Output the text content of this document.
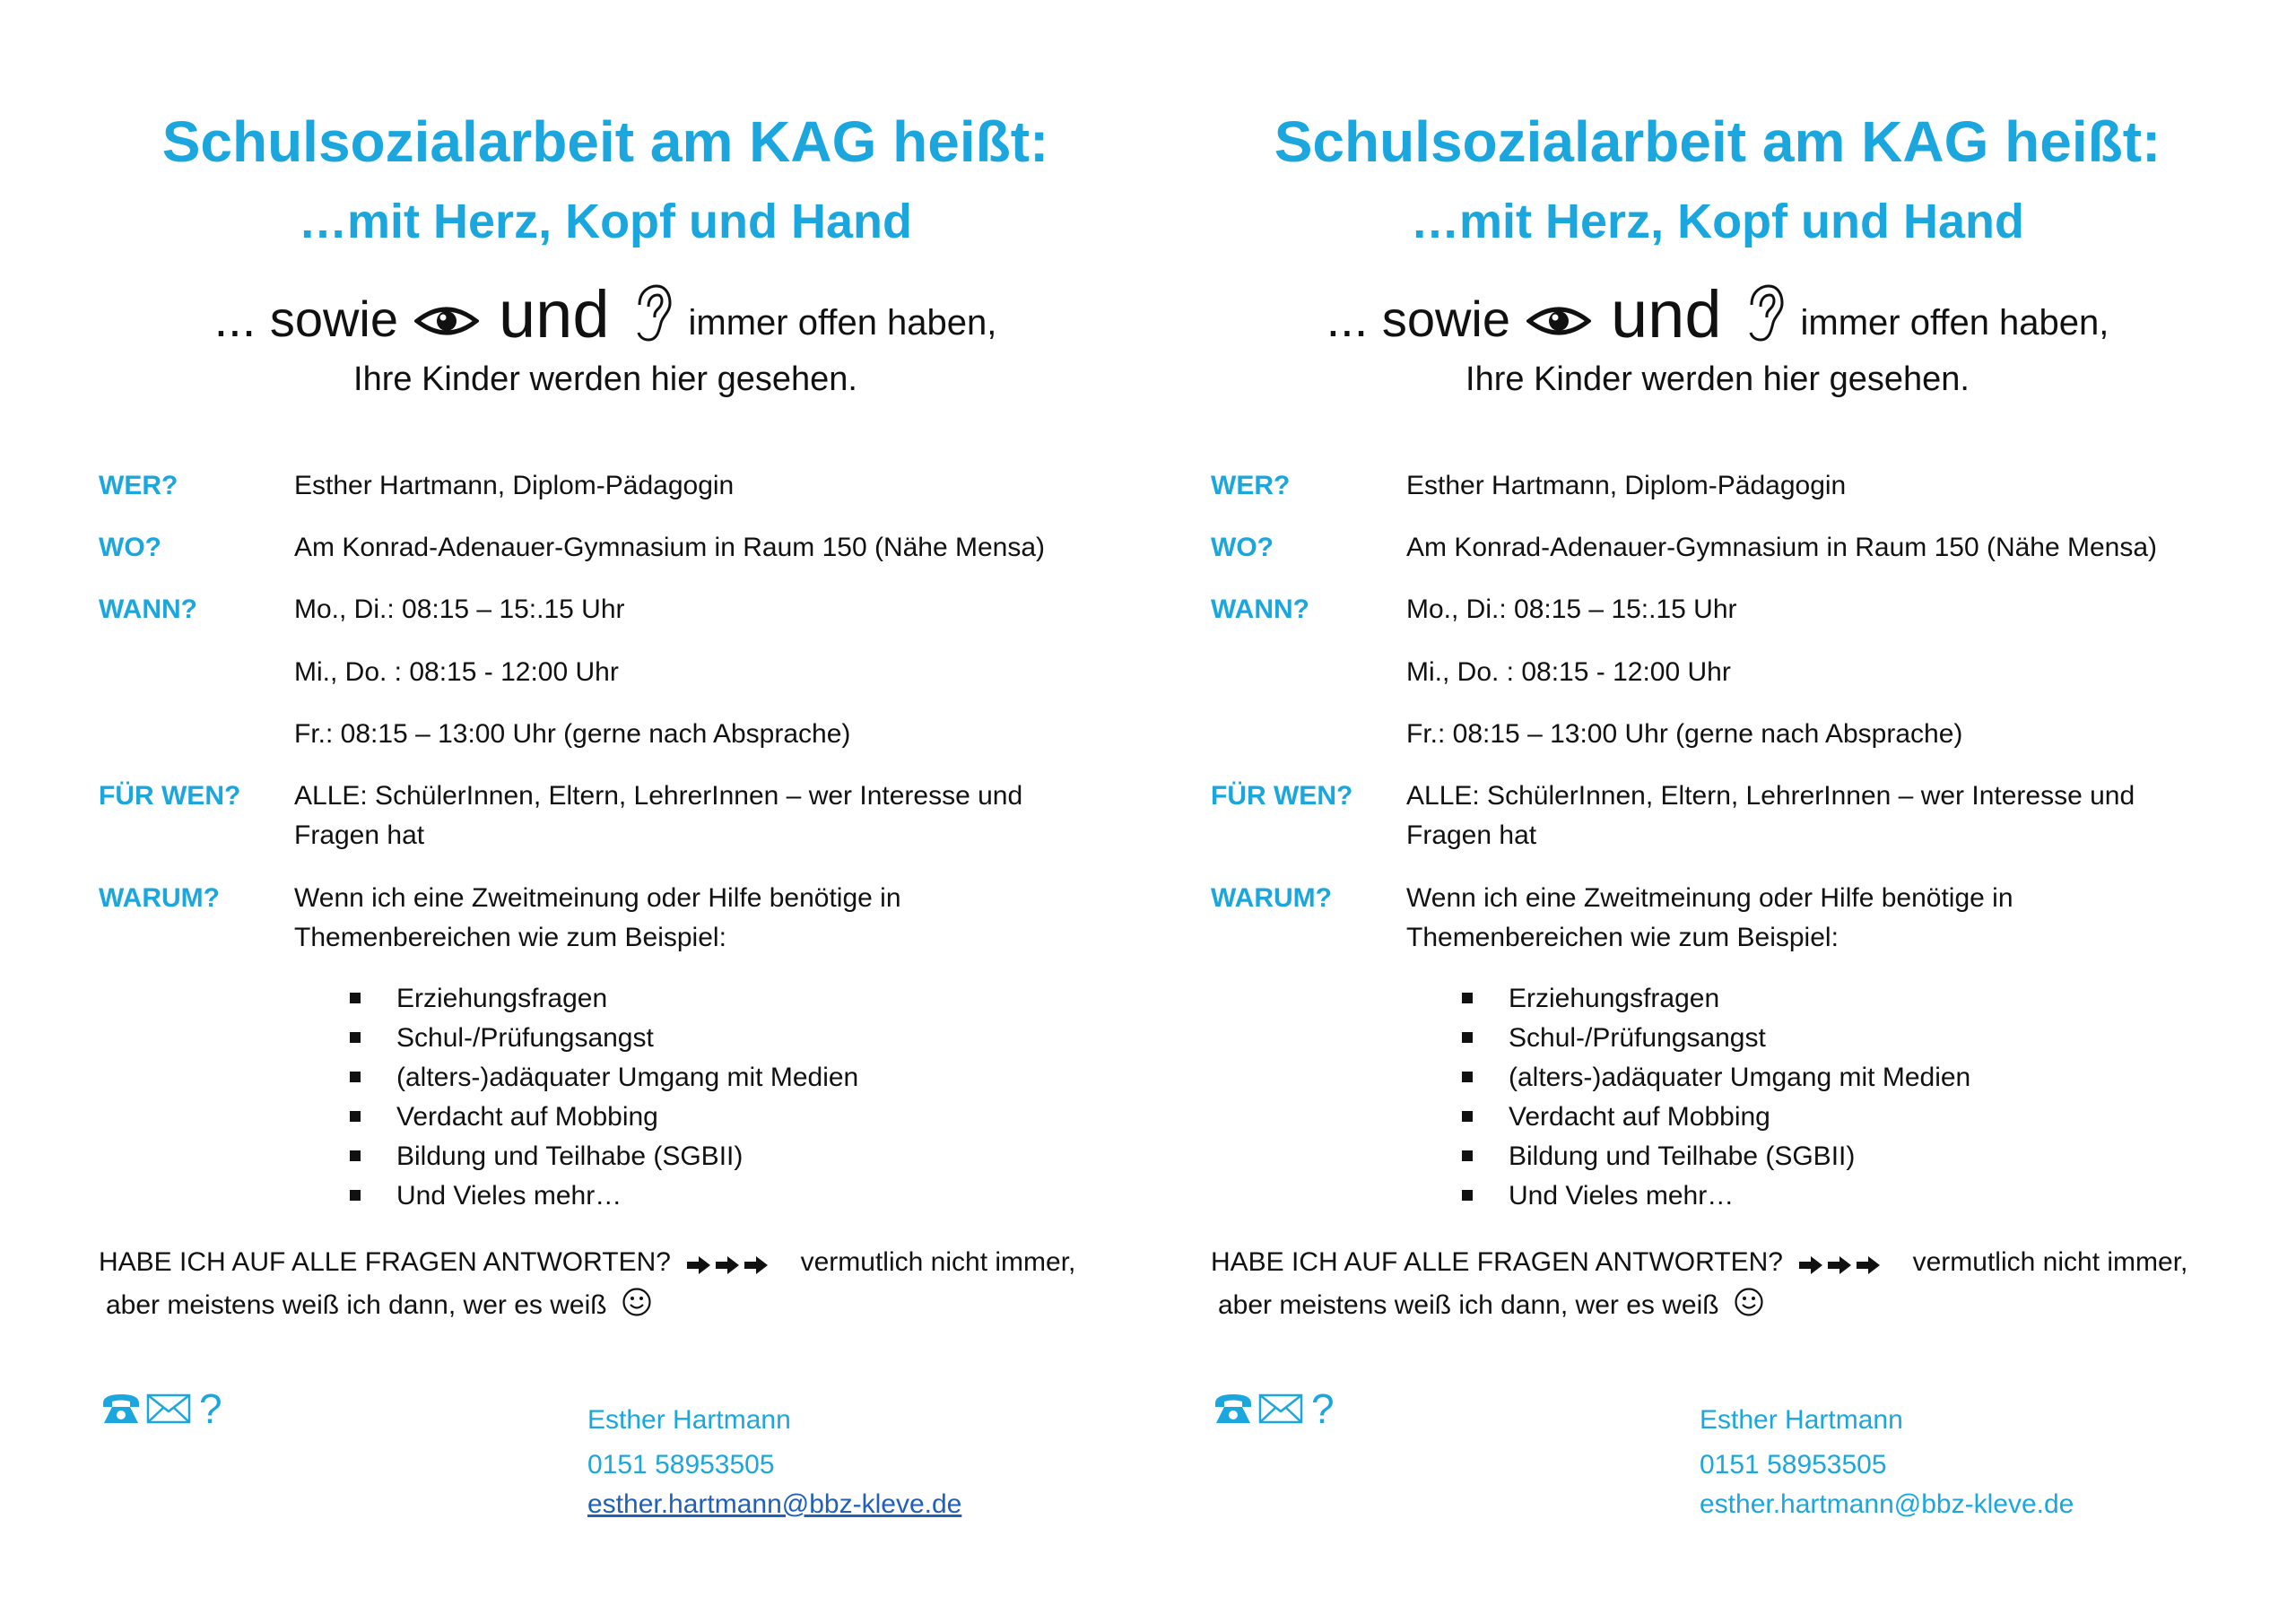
Schulsozialarbeit am KAG heißt:
…mit Herz, Kopf und Hand
... sowie und immer offen haben,
Ihre Kinder werden hier gesehen.
WER?	Esther Hartmann, Diplom-Pädagogin
WO?	Am Konrad-Adenauer-Gymnasium in Raum 150 (Nähe Mensa)
WANN?	Mo., Di.: 08:15 – 15:.15 Uhr
Mi., Do. : 08:15 - 12:00 Uhr
Fr.: 08:15 – 13:00 Uhr (gerne nach Absprache)
FÜR WEN? ALLE: SchülerInnen, Eltern, LehrerInnen – wer Interesse und Fragen hat
WARUM?	Wenn ich eine Zweitmeinung oder Hilfe benötige in Themenbereichen wie zum Beispiel:
Erziehungsfragen
Schul-/Prüfungsangst
(alters-)adäquater Umgang mit Medien
Verdacht auf Mobbing
Bildung und Teilhabe (SGBII)
Und Vieles mehr…
HABE ICH AUF ALLE FRAGEN ANTWORTEN?	vermutlich nicht immer,
aber meistens weiß ich dann, wer es weiß
?	Esther Hartmann
0151 58953505
esther.hartmann@bbz-kleve.de
Schulsozialarbeit am KAG heißt:
…mit Herz, Kopf und Hand
... sowie und immer offen haben,
Ihre Kinder werden hier gesehen.
WER?	Esther Hartmann, Diplom-Pädagogin
WO?	Am Konrad-Adenauer-Gymnasium in Raum 150 (Nähe Mensa)
WANN?	Mo., Di.: 08:15 – 15:.15 Uhr
Mi., Do. : 08:15 - 12:00 Uhr
Fr.: 08:15 – 13:00 Uhr (gerne nach Absprache)
FÜR WEN? ALLE: SchülerInnen, Eltern, LehrerInnen – wer Interesse und Fragen hat
WARUM?	Wenn ich eine Zweitmeinung oder Hilfe benötige in Themenbereichen wie zum Beispiel:
Erziehungsfragen
Schul-/Prüfungsangst
(alters-)adäquater Umgang mit Medien
Verdacht auf Mobbing
Bildung und Teilhabe (SGBII)
Und Vieles mehr…
HABE ICH AUF ALLE FRAGEN ANTWORTEN?	vermutlich nicht immer,
aber meistens weiß ich dann, wer es weiß
?	Esther Hartmann
0151 58953505
esther.hartmann@bbz-kleve.de
